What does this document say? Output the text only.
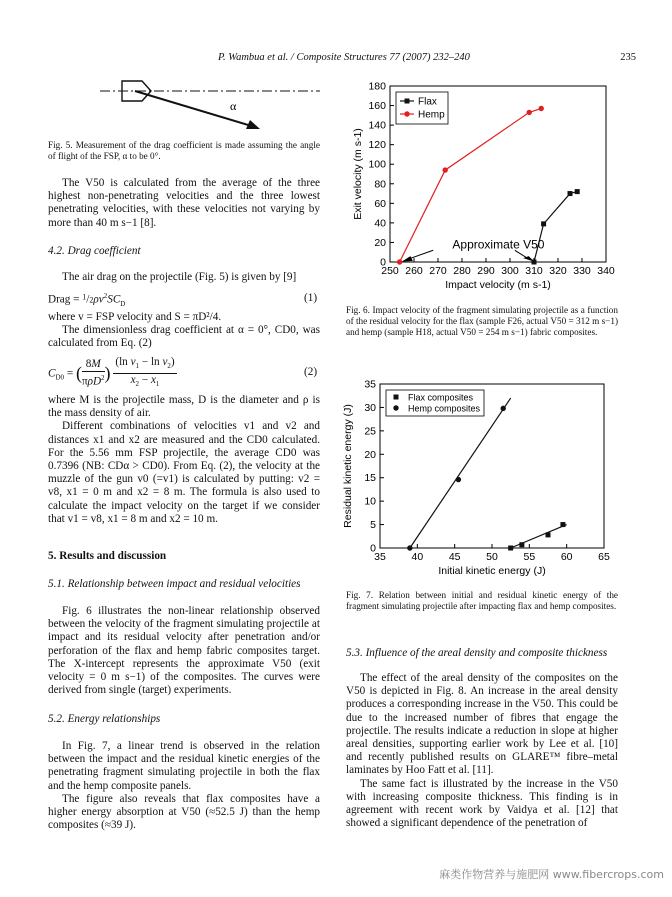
P. Wambua et al. / Composite Structures 77 (2007) 232–240	235
α
Fig. 5. Measurement of the drag coefficient is made assuming the angle of flight of the FSP, α to be 0°.

The V50 is calculated from the average of the three highest non-penetrating velocities and the three lowest penetrating velocities, with these velocities not varying by more than 40 m s−1 [8].

4.2. Drag coefficient

The air drag on the projectile (Fig. 5) is given by [9]

Drag = $^1/2\rho v^2SC_D$	(1)

where v = FSP velocity and S = πD²/4.

The dimensionless drag coefficient at α = 0°, CD0, was calculated from Eq. (2)

$C_{D0}$ = ( $\frac{8M}{\pi\rho D^2}$ ) $\frac{(\ln v_1 - \ln v_2)}{x_2 - x_1}$	(2)

where M is the projectile mass, D is the diameter and ρ is the mass density of air.

Different combinations of velocities v1 and v2 and distances x1 and x2 are measured and the CD0 calculated. For the 5.56 mm FSP projectile, the average CD0 was 0.7396 (NB: CDα > CD0). From Eq. (2), the velocity at the muzzle of the gun v0 (=v1) is calculated by putting: v2 = v8, x1 = 0 m and x2 = 8 m. The formula is also used to calculate the impact velocity on the target if we consider that v1 = v8, x1 = 8 m and x2 = 10 m.

5. Results and discussion
5.1. Relationship between impact and residual velocities

Fig. 6 illustrates the non-linear relationship observed between the velocity of the fragment simulating projectile at impact and its residual velocity after penetration and/or perforation of the flax and hemp fabric composites target. The X-intercept represents the approximate V50 (exit velocity = 0 m s−1) of the composites. The curves were derived from single (target) experiments.

5.2. Energy relationships

In Fig. 7, a linear trend is observed in the relation between the impact and the residual kinetic energies of the penetrating fragment simulating projectile in both the flax and the hemp composite panels.

The figure also reveals that flax composites have a higher energy absorption at V50 (≈52.5 J) than the hemp composites (≈39 J).

250 260 270 280 290 300 310 320 330 340
0
20
40
60
80
100
120
140
160
180
Impact velocity (m s-1)
Exit velocity (m s-1)
Flax
Hemp
Approximate V50
Fig. 6. Impact velocity of the fragment simulating projectile as a function of the residual velocity for the flax (sample F26, actual V50 = 312 m s−1) and hemp (sample H18, actual V50 = 254 m s−1) fabric composites.
35 40 45 50 55 60 65
0
5
10
15
20
25
30
35
Initial kinetic energy (J)
Residual kinetic energy (J)
Flax composites
Hemp composites
Fig. 7. Relation between initial and residual kinetic energy of the fragment simulating projectile after impacting flax and hemp composites.
5.3. Influence of the areal density and composite thickness

The effect of the areal density of the composites on the V50 is depicted in Fig. 8. An increase in the areal density produces a corresponding increase in the V50. This could be due to the increased number of fibres that engage the projectile. The results indicate a reduction in slope at higher areal densities, supporting earlier work by Lee et al. [10] and recently published results on GLARE™ fibre–metal laminates by Hoo Fatt et al. [11].

The same fact is illustrated by the increase in the V50 with increasing composite thickness. This finding is in agreement with recent work by Vaidya et al. [12] that showed a significant dependence of the penetration of

麻类作物营养与施肥网 www.fibercrops.com
